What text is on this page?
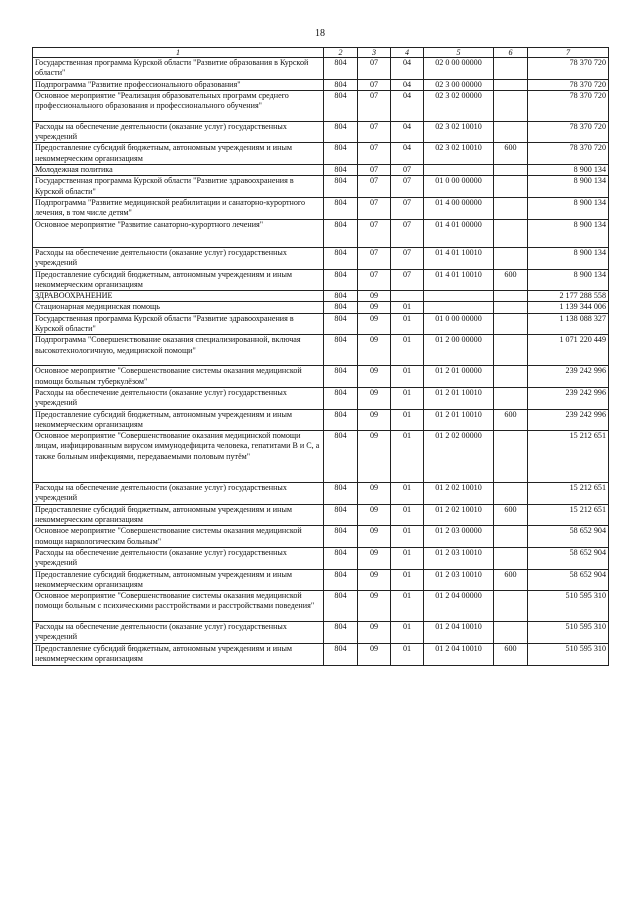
18
1	2	3	4	5	6	7
Государственная программа Курской области "Развитие образования в Курской области"	804	07	04	02 0 00 00000		78 370 720
Подпрограмма "Развитие профессионального образования"	804	07	04	02 3 00 00000		78 370 720
Основное мероприятие "Реализация образовательных программ среднего профессионального образования и профессионального обучения"	804	07	04	02 3 02 00000		78 370 720
Расходы на обеспечение деятельности (оказание услуг) государственных учреждений	804	07	04	02 3 02 10010		78 370 720
Предоставление субсидий бюджетным, автономным учреждениям и иным некоммерческим организациям	804	07	04	02 3 02 10010	600	78 370 720
Молодежная политика	804	07	07			8 900 134
Государственная программа Курской области "Развитие здравоохранения в Курской области"	804	07	07	01 0 00 00000		8 900 134
Подпрограмма "Развитие медицинской реабилитации и санаторно-курортного лечения, в том числе детям"	804	07	07	01 4 00 00000		8 900 134
Основное мероприятие "Развитие санаторно-курортного лечения"	804	07	07	01 4 01 00000		8 900 134
Расходы на обеспечение деятельности (оказание услуг) государственных учреждений	804	07	07	01 4 01 10010		8 900 134
Предоставление субсидий бюджетным, автономным учреждениям и иным некоммерческим организациям	804	07	07	01 4 01 10010	600	8 900 134
ЗДРАВООХРАНЕНИЕ	804	09				2 177 288 558
Стационарная медицинская помощь	804	09	01			1 139 344 006
Государственная программа Курской области "Развитие здравоохранения в Курской области"	804	09	01	01 0 00 00000		1 138 088 327
Подпрограмма "Совершенствование оказания специализированной, включая высокотехнологичную, медицинской помощи"	804	09	01	01 2 00 00000		1 071 220 449
Основное мероприятие "Совершенствование системы оказания медицинской помощи больным туберкулёзом"	804	09	01	01 2 01 00000		239 242 996
Расходы на обеспечение деятельности (оказание услуг) государственных учреждений	804	09	01	01 2 01 10010		239 242 996
Предоставление субсидий бюджетным, автономным учреждениям и иным некоммерческим организациям	804	09	01	01 2 01 10010	600	239 242 996
Основное мероприятие "Совершенствование оказания медицинской помощи лицам, инфицированным вирусом иммунодефицита человека, гепатитами В и С, а также больным инфекциями, передаваемыми половым путём"	804	09	01	01 2 02 00000		15 212 651
Расходы на обеспечение деятельности (оказание услуг) государственных учреждений	804	09	01	01 2 02 10010		15 212 651
Предоставление субсидий бюджетным, автономным учреждениям и иным некоммерческим организациям	804	09	01	01 2 02 10010	600	15 212 651
Основное мероприятие "Совершенствование системы оказания медицинской помощи наркологическим больным"	804	09	01	01 2 03 00000		58 652 904
Расходы на обеспечение деятельности (оказание услуг) государственных учреждений	804	09	01	01 2 03 10010		58 652 904
Предоставление субсидий бюджетным, автономным учреждениям и иным некоммерческим организациям	804	09	01	01 2 03 10010	600	58 652 904
Основное мероприятие "Совершенствование системы оказания медицинской помощи больным с психическими расстройствами и расстройствами поведения"	804	09	01	01 2 04 00000		510 595 310
Расходы на обеспечение деятельности (оказание услуг) государственных учреждений	804	09	01	01 2 04 10010		510 595 310
Предоставление субсидий бюджетным, автономным учреждениям и иным некоммерческим организациям	804	09	01	01 2 04 10010	600	510 595 310
